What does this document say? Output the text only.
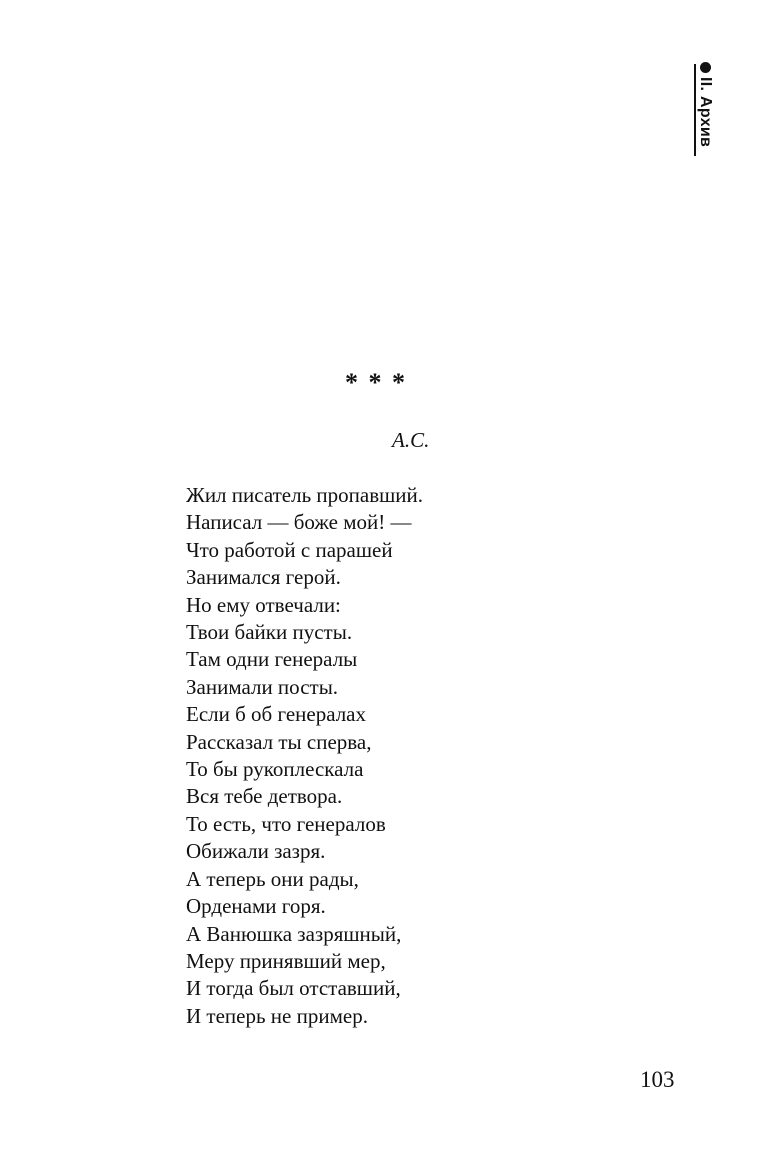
II. Архив
* * *
А.С.
Жил писатель пропавший.
Написал — боже мой! —
Что работой с парашей
Занимался герой.
Но ему отвечали:
Твои байки пусты.
Там одни генералы
Занимали посты.
Если б об генералах
Рассказал ты сперва,
То бы рукоплескала
Вся тебе детвора.
То есть, что генералов
Обижали зазря.
А теперь они рады,
Орденами горя.
А Ванюшка зазряшный,
Меру принявший мер,
И тогда был отставший,
И теперь не пример.
103
